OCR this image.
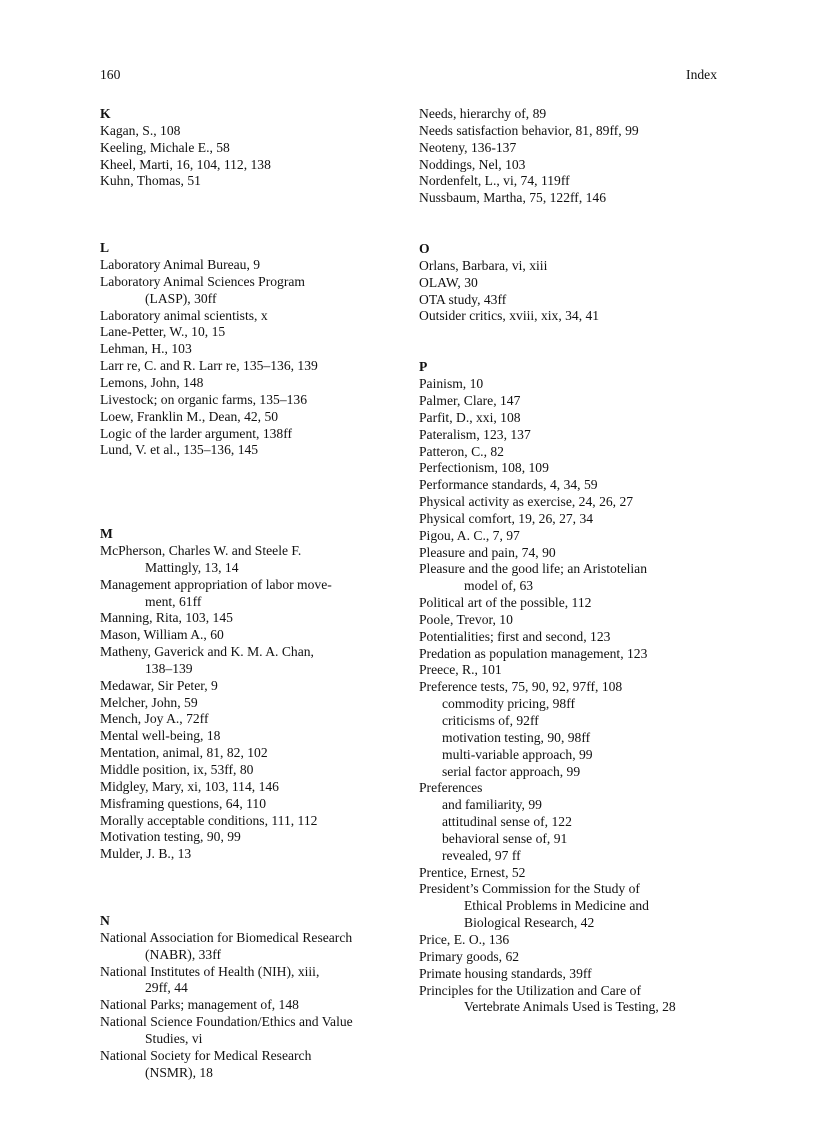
160	Index
K
Kagan, S., 108
Keeling, Michale E., 58
Kheel, Marti, 16, 104, 112, 138
Kuhn, Thomas, 51
L
Laboratory Animal Bureau, 9
Laboratory Animal Sciences Program
(LASP), 30ff
Laboratory animal scientists, x
Lane-Petter, W., 10, 15
Lehman, H., 103
Larr re, C. and R. Larr re, 135–136, 139
Lemons, John, 148
Livestock; on organic farms, 135–136
Loew, Franklin M., Dean, 42, 50
Logic of the larder argument, 138ff
Lund, V. et al., 135–136, 145
M
McPherson, Charles W. and Steele F.
Mattingly, 13, 14
Management appropriation of labor move-
ment, 61ff
Manning, Rita, 103, 145
Mason, William A., 60
Matheny, Gaverick and K. M. A. Chan,
138–139
Medawar, Sir Peter, 9
Melcher, John, 59
Mench, Joy A., 72ff
Mental well-being, 18
Mentation, animal, 81, 82, 102
Middle position, ix, 53ff, 80
Midgley, Mary, xi, 103, 114, 146
Misframing questions, 64, 110
Morally acceptable conditions, 111, 112
Motivation testing, 90, 99
Mulder, J. B., 13
N
National Association for Biomedical Research
(NABR), 33ff
National Institutes of Health (NIH), xiii,
29ff, 44
National Parks; management of, 148
National Science Foundation/Ethics and Value
Studies, vi
National Society for Medical Research
(NSMR), 18
Needs, hierarchy of, 89
Needs satisfaction behavior, 81, 89ff, 99
Neoteny, 136-137
Noddings, Nel, 103
Nordenfelt, L., vi, 74, 119ff
Nussbaum, Martha, 75, 122ff, 146
O
Orlans, Barbara, vi, xiii
OLAW, 30
OTA study, 43ff
Outsider critics, xviii, xix, 34, 41
P
Painism, 10
Palmer, Clare, 147
Parfit, D., xxi, 108
Pateralism, 123, 137
Patteron, C., 82
Perfectionism, 108, 109
Performance standards, 4, 34, 59
Physical activity as exercise, 24, 26, 27
Physical comfort, 19, 26, 27, 34
Pigou, A. C., 7, 97
Pleasure and pain, 74, 90
Pleasure and the good life; an Aristotelian
model of, 63
Political art of the possible, 112
Poole, Trevor, 10
Potentialities; first and second, 123
Predation as population management, 123
Preece, R., 101
Preference tests, 75, 90, 92, 97ff, 108
commodity pricing, 98ff
criticisms of, 92ff
motivation testing, 90, 98ff
multi-variable approach, 99
serial factor approach, 99
Preferences
and familiarity, 99
attitudinal sense of, 122
behavioral sense of, 91
revealed, 97 ff
Prentice, Ernest, 52
President’s Commission for the Study of
Ethical Problems in Medicine and
Biological Research, 42
Price, E. O., 136
Primary goods, 62
Primate housing standards, 39ff
Principles for the Utilization and Care of
Vertebrate Animals Used is Testing, 28
